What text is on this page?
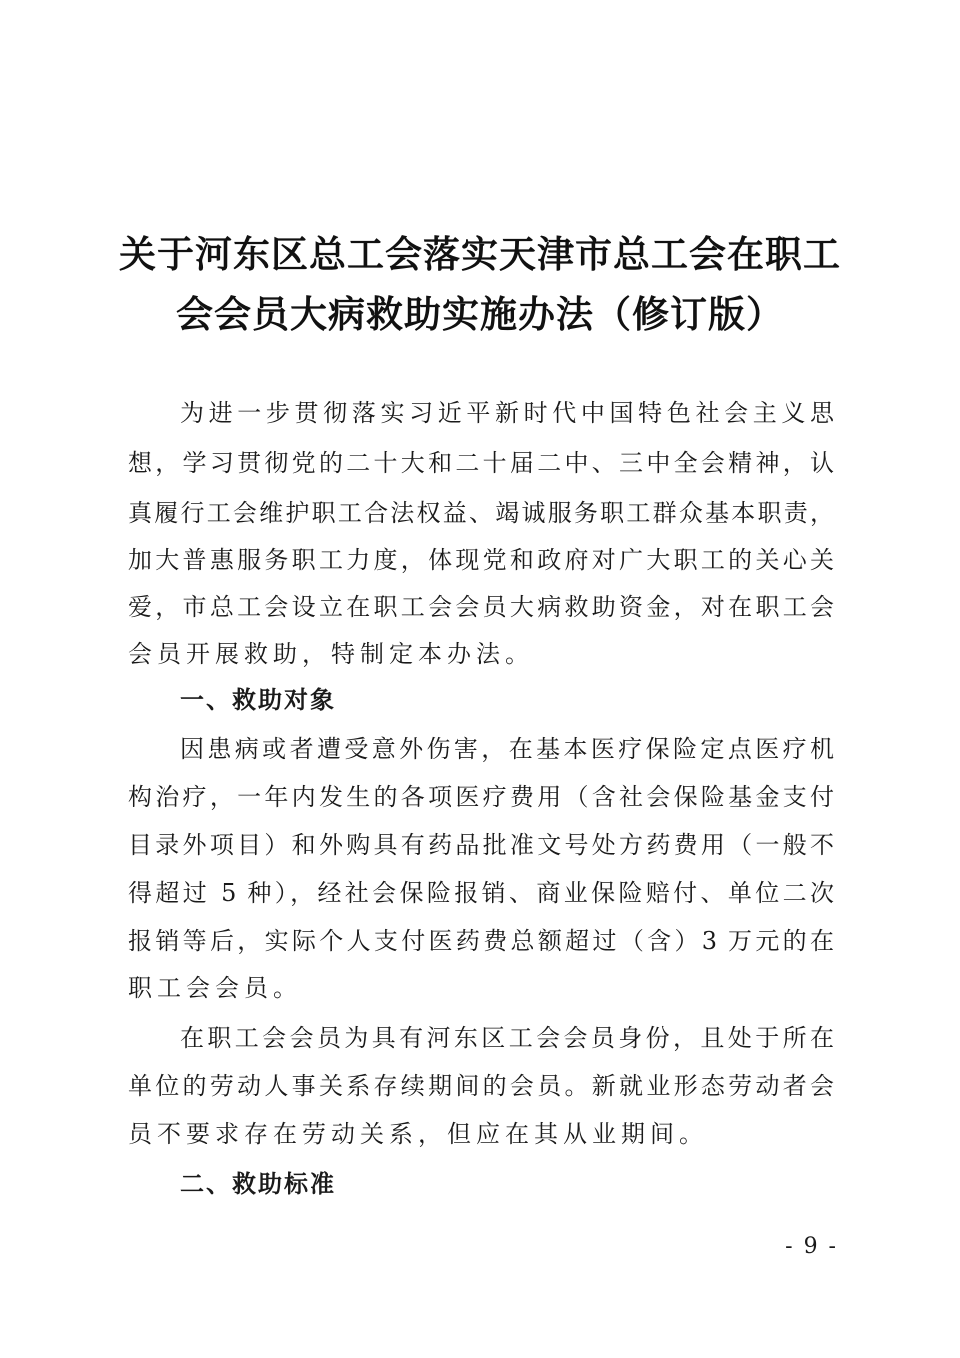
关于河东区总工会落实天津市总工会在职工
会会员大病救助实施办法（修订版）

为进一步贯彻落实习近平新时代中国特色社会主义思

想，学习贯彻党的二十大和二十届二中、三中全会精神，认

真履行工会维护职工合法权益、竭诚服务职工群众基本职责，

加大普惠服务职工力度，体现党和政府对广大职工的关心关

爱，市总工会设立在职工会会员大病救助资金，对在职工会

会员开展救助，特制定本办法。

一、救助对象

因患病或者遭受意外伤害，在基本医疗保险定点医疗机

构治疗，一年内发生的各项医疗费用（含社会保险基金支付

目录外项目）和外购具有药品批准文号处方药费用（一般不

得超过 5 种），经社会保险报销、商业保险赔付、单位二次

报销等后，实际个人支付医药费总额超过（含）3 万元的在

职工会会员。

在职工会会员为具有河东区工会会员身份，且处于所在

单位的劳动人事关系存续期间的会员。新就业形态劳动者会

员不要求存在劳动关系，但应在其从业期间。

二、救助标准

- 9 -
